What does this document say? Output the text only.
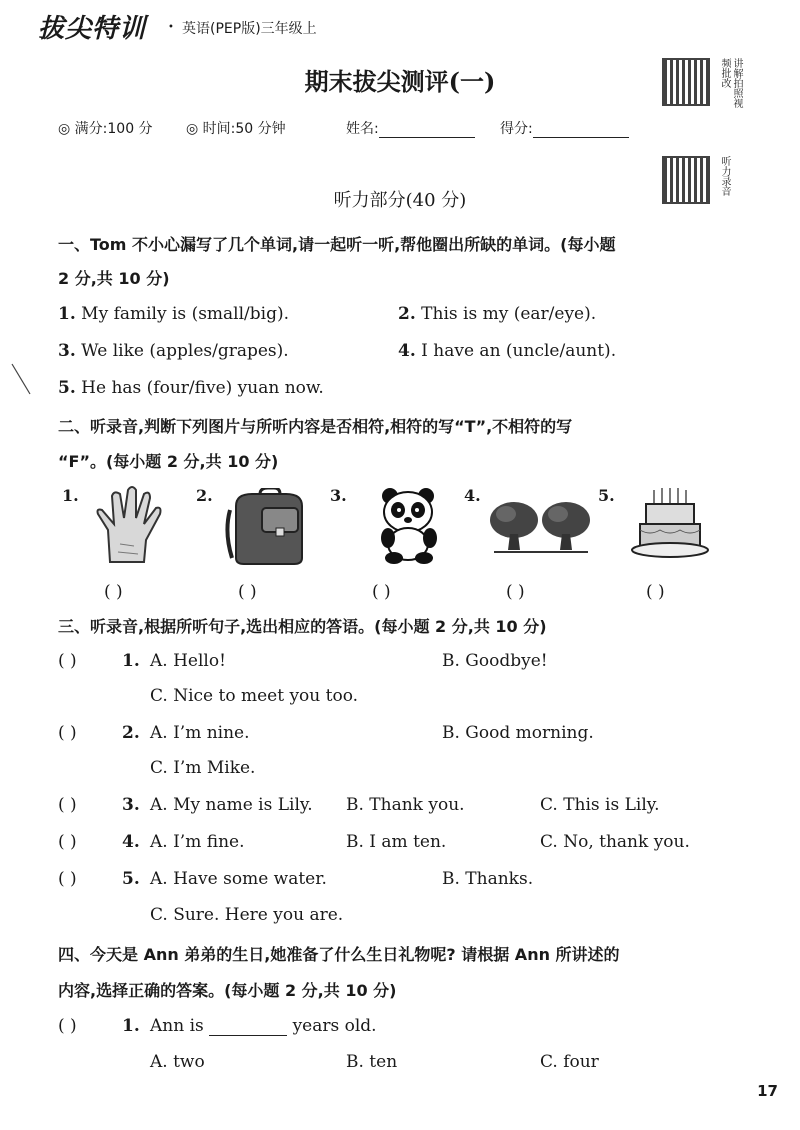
拔尖特训 • 英语(PEP版)三年级上
期末拔尖测评(一)	讲解拍照视频批改
◎ 满分:100 分 ◎ 时间:50 分钟	姓名:	得分:
听力录音
听力部分(40 分)
一、Tom 不小心漏写了几个单词,请一起听一听,帮他圈出所缺的单词。(每小题
2 分,共 10 分)
1. My family is (small/big).	2. This is my (ear/eye).
3. We like (apples/grapes).	4. I have an (uncle/aunt).
5. He has (four/five) yuan now.
二、听录音,判断下列图片与所听内容是否相符,相符的写“T”,不相符的写
“F”。(每小题 2 分,共 10 分)
1.	2.	3.	4.	5.
( )	( )	( )	( )	( )
三、听录音,根据所听句子,选出相应的答语。(每小题 2 分,共 10 分)
( )	1. A. Hello!	B. Goodbye!
C. Nice to meet you too.
( )	2. A. I’m nine.	B. Good morning.
C. I’m Mike.
( )	3. A. My name is Lily. B. Thank you.	C. This is Lily.
( )	4. A. I’m fine.	B. I am ten.	C. No, thank you.
( )	5. A. Have some water.	B. Thanks.
C. Sure. Here you are.
四、今天是 Ann 弟弟的生日,她准备了什么生日礼物呢? 请根据 Ann 所讲述的
内容,选择正确的答案。(每小题 2 分,共 10 分)
( )	1. Ann is	years old.
A. two	B. ten	C. four
17
